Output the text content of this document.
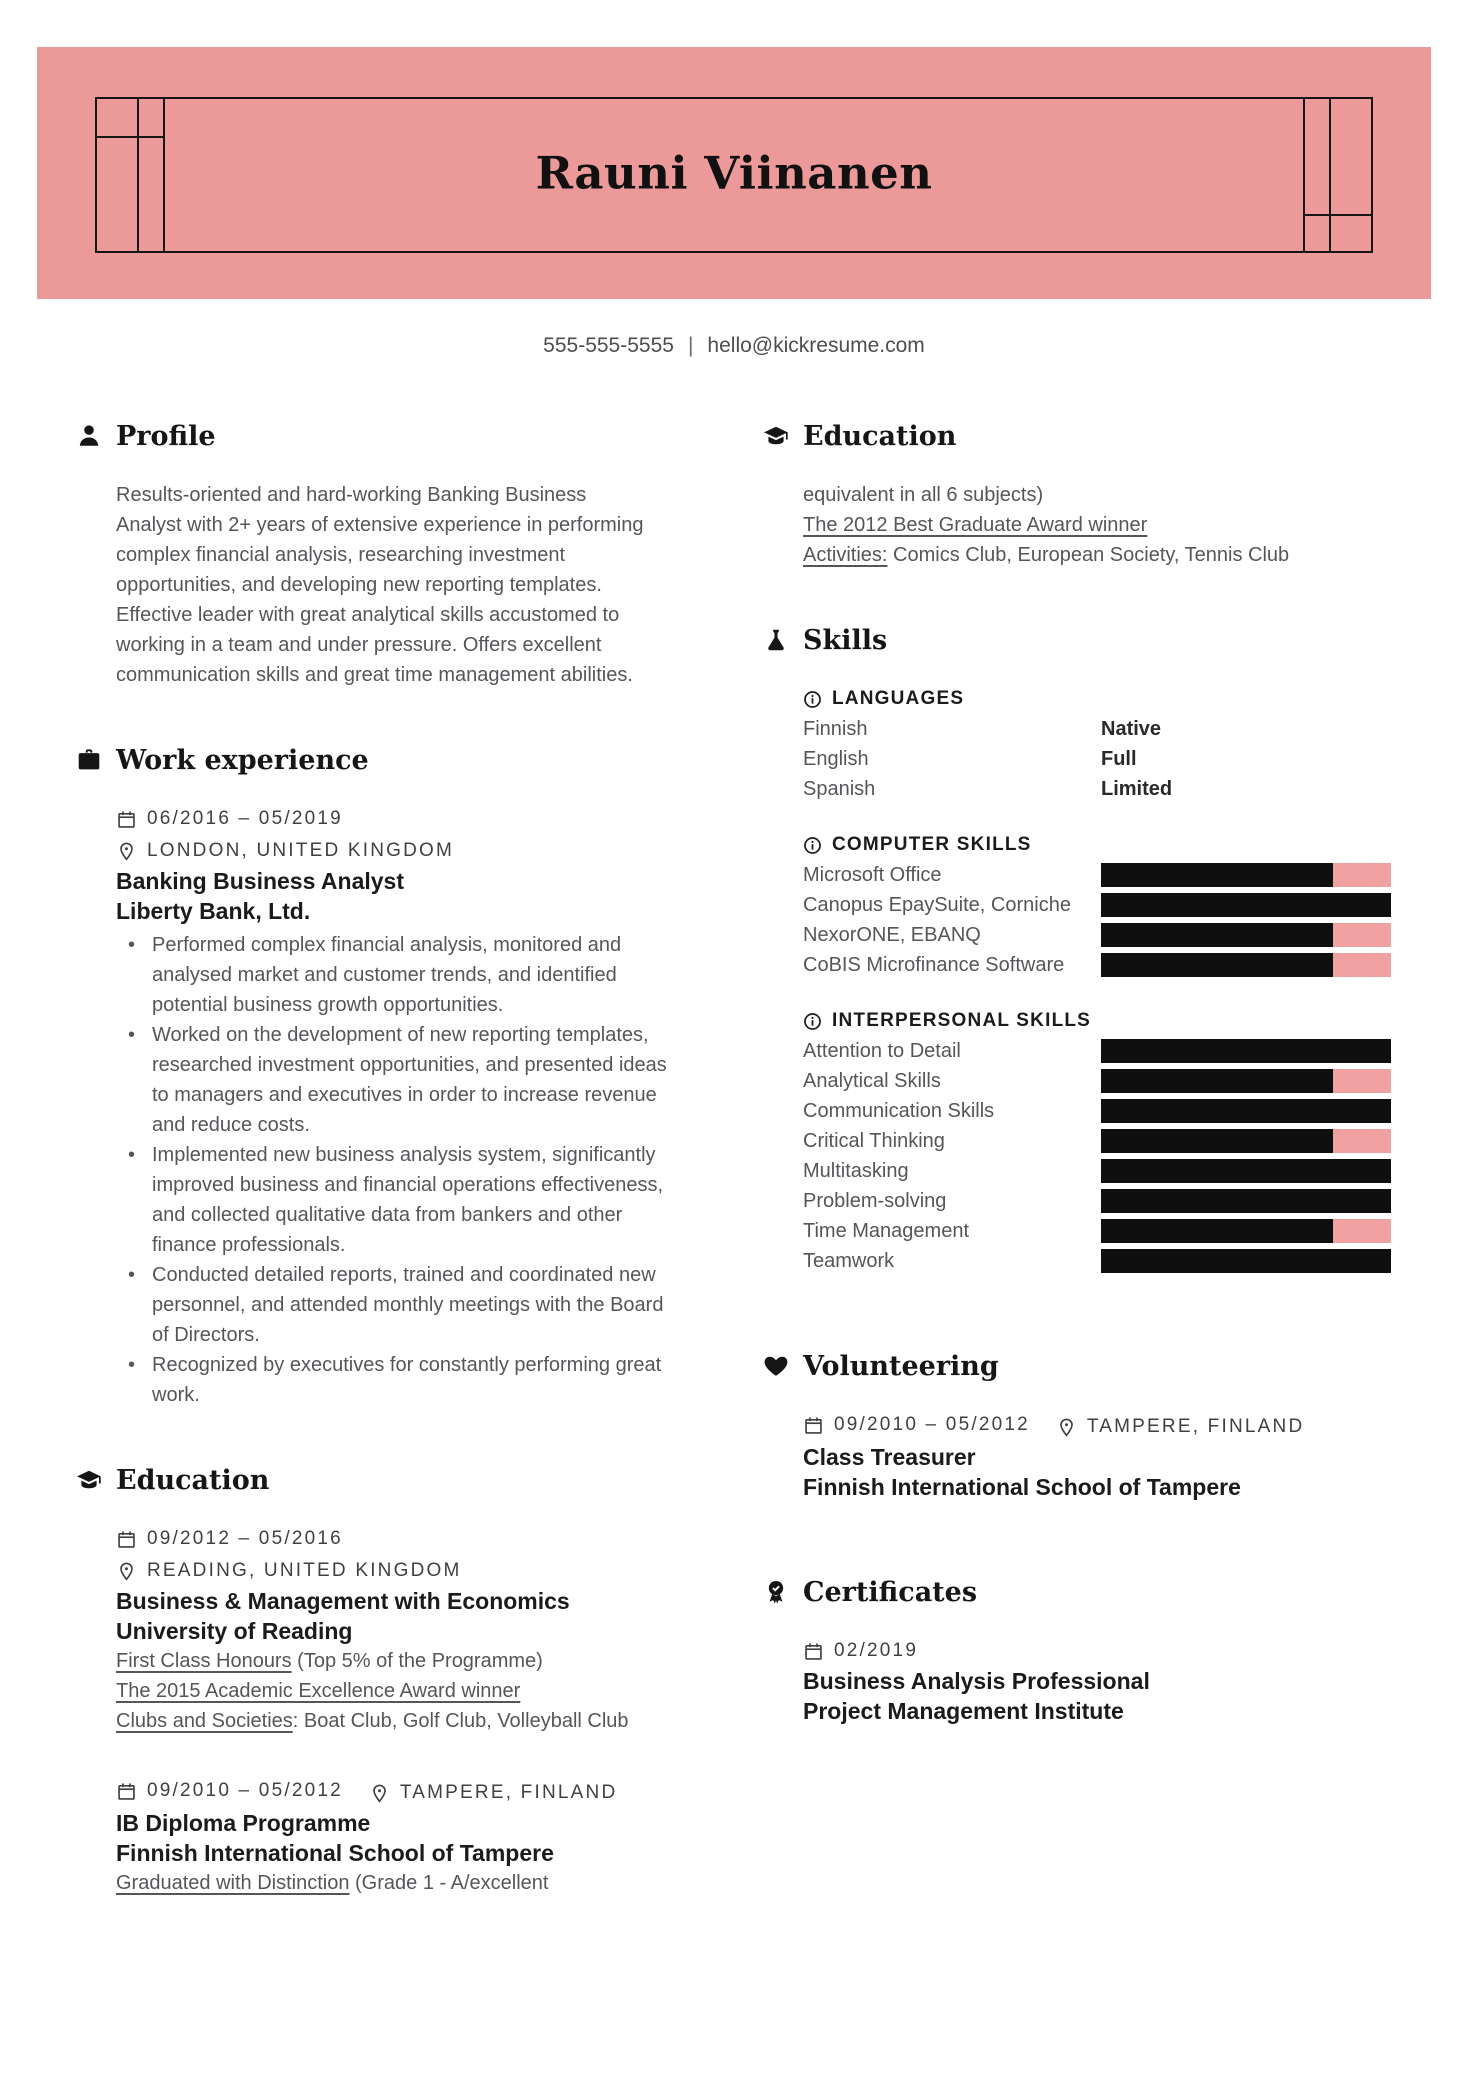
Rauni Viinanen
555-555-5555 | hello@kickresume.com
Profile

Results-oriented and hard-working Banking Business Analyst with 2+ years of extensive experience in performing complex financial analysis, researching investment opportunities, and developing new reporting templates. Effective leader with great analytical skills accustomed to working in a team and under pressure. Offers excellent communication skills and great time management abilities.

Work experience
06/2016 – 05/2019
LONDON, UNITED KINGDOM
Banking Business Analyst
Liberty Bank, Ltd.
• Performed complex financial analysis, monitored and analysed market and customer trends, and identified potential business growth opportunities.
• Worked on the development of new reporting templates, researched investment opportunities, and presented ideas to managers and executives in order to increase revenue and reduce costs.
• Implemented new business analysis system, significantly improved business and financial operations effectiveness, and collected qualitative data from bankers and other finance professionals.
• Conducted detailed reports, trained and coordinated new personnel, and attended monthly meetings with the Board of Directors.
• Recognized by executives for constantly performing great work.
Education
09/2012 – 05/2016
READING, UNITED KINGDOM
Business & Management with Economics
University of Reading
First Class Honours (Top 5% of the Programme)
The 2015 Academic Excellence Award winner
Clubs and Societies: Boat Club, Golf Club, Volleyball Club
09/2010 – 05/2012	TAMPERE, FINLAND
IB Diploma Programme
Finnish International School of Tampere
Graduated with Distinction (Grade 1 - A/excellent
Education
equivalent in all 6 subjects)
The 2012 Best Graduate Award winner
Activities: Comics Club, European Society, Tennis Club
Skills
LANGUAGES
Finnish	Native
English	Full
Spanish	Limited
COMPUTER SKILLS
Microsoft Office
Canopus EpaySuite, Corniche
NexorONE, EBANQ
CoBIS Microfinance Software
INTERPERSONAL SKILLS
Attention to Detail
Analytical Skills
Communication Skills
Critical Thinking
Multitasking
Problem-solving
Time Management
Teamwork
Volunteering
09/2010 – 05/2012	TAMPERE, FINLAND
Class Treasurer
Finnish International School of Tampere
Certificates
02/2019
Business Analysis Professional
Project Management Institute
